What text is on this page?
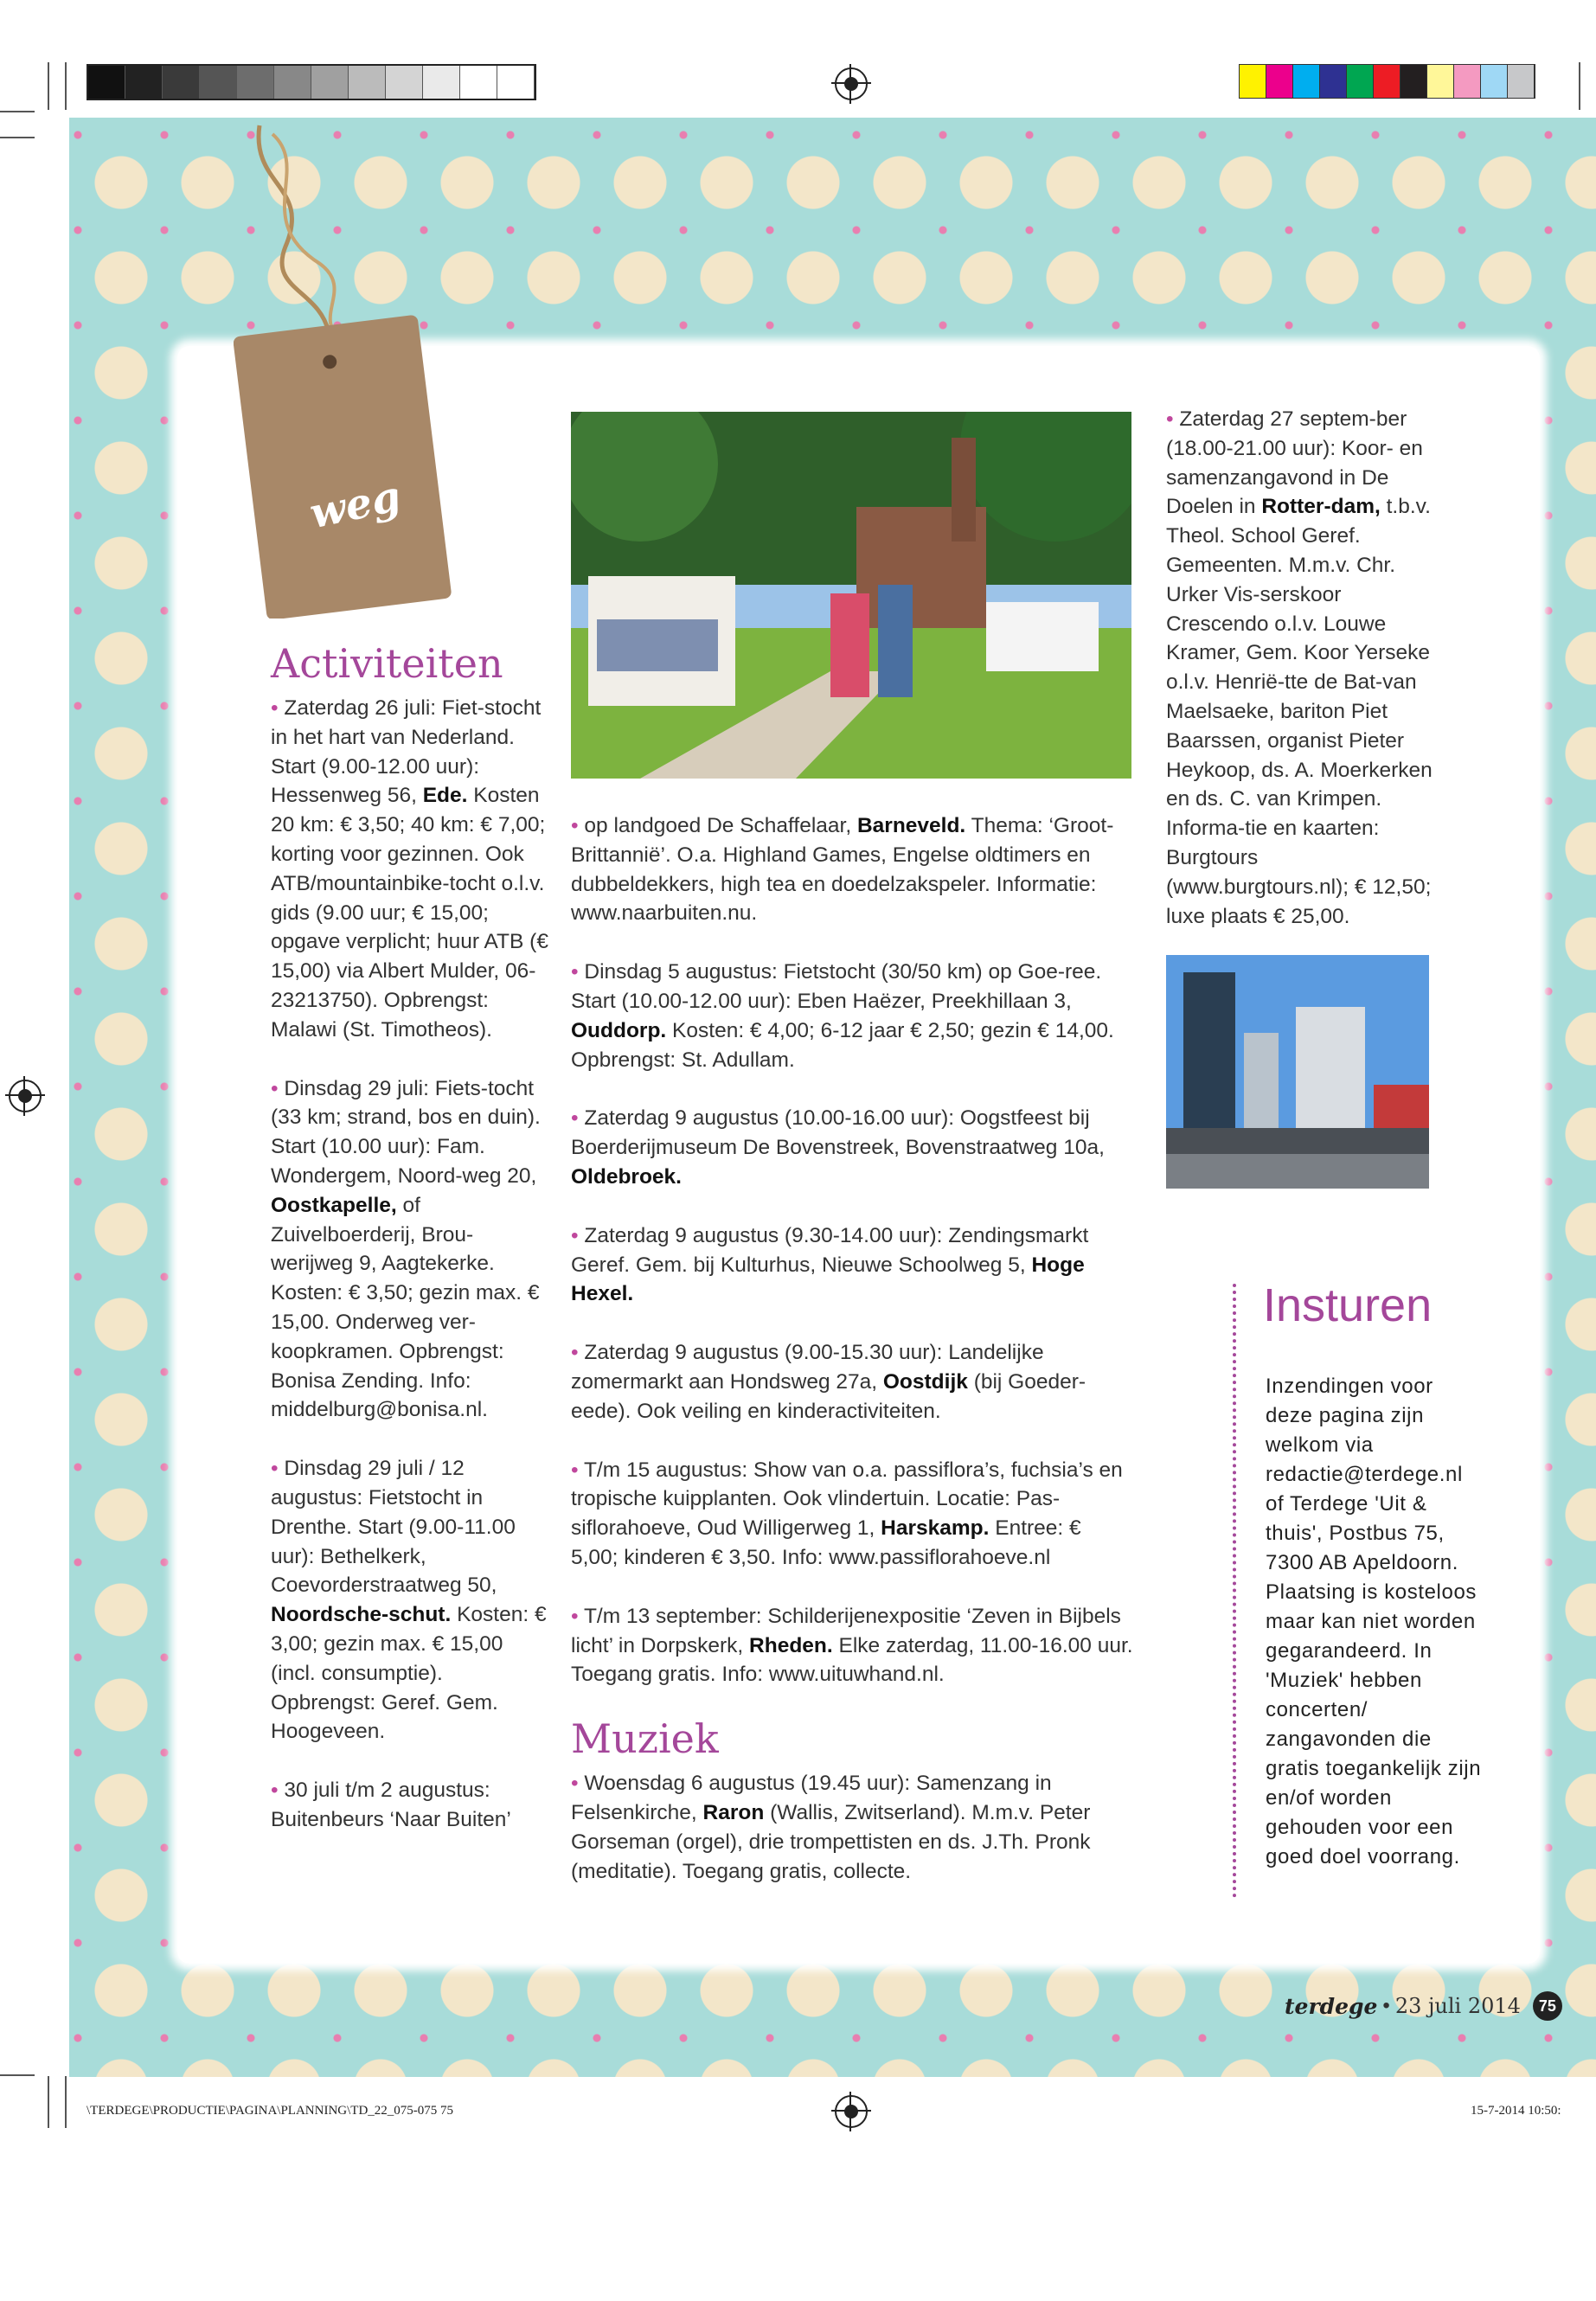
weg
Activiteiten

• Zaterdag 26 juli: Fiet-stocht in het hart van Nederland. Start (9.00-12.00 uur): Hessenweg 56, Ede. Kosten 20 km: € 3,50; 40 km: € 7,00; korting voor gezinnen. Ook ATB/mountainbike-tocht o.l.v. gids (9.00 uur; € 15,00; opgave verplicht; huur ATB (€ 15,00) via Albert Mulder, 06-23213750). Opbrengst: Malawi (St. Timotheos).

• Dinsdag 29 juli: Fiets-tocht (33 km; strand, bos en duin). Start (10.00 uur): Fam. Wondergem, Noord-weg 20, Oostkapelle, of Zuivelboerderij, Brou-werijweg 9, Aagtekerke. Kosten: € 3,50; gezin max. € 15,00. Onderweg ver-koopkramen. Opbrengst: Bonisa Zending. Info: middelburg@bonisa.nl.

• Dinsdag 29 juli / 12 augustus: Fietstocht in Drenthe. Start (9.00-11.00 uur): Bethelkerk, Coevorderstraatweg 50, Noordsche-schut. Kosten: € 3,00; gezin max. € 15,00 (incl. consumptie). Opbrengst: Geref. Gem. Hoogeveen.

• 30 juli t/m 2 augustus: Buitenbeurs ‘Naar Buiten’

• op landgoed De Schaffelaar, Barneveld. Thema: ‘Groot-Brittannië’. O.a. Highland Games, Engelse oldtimers en dubbeldekkers, high tea en doedelzakspeler. Informatie: www.naarbuiten.nu.

• Dinsdag 5 augustus: Fietstocht (30/50 km) op Goe-ree. Start (10.00-12.00 uur): Eben Haëzer, Preekhillaan 3, Ouddorp. Kosten: € 4,00; 6-12 jaar € 2,50; gezin € 14,00. Opbrengst: St. Adullam.

• Zaterdag 9 augustus (10.00-16.00 uur): Oogstfeest bij Boerderijmuseum De Bovenstreek, Bovenstraatweg 10a, Oldebroek.

• Zaterdag 9 augustus (9.30-14.00 uur): Zendingsmarkt Geref. Gem. bij Kulturhus, Nieuwe Schoolweg 5, Hoge Hexel.

• Zaterdag 9 augustus (9.00-15.30 uur): Landelijke zomermarkt aan Hondsweg 27a, Oostdijk (bij Goeder-eede). Ook veiling en kinderactiviteiten.

• T/m 15 augustus: Show van o.a. passiflora’s, fuchsia’s en tropische kuipplanten. Ook vlindertuin. Locatie: Pas-siflorahoeve, Oud Willigerweg 1, Harskamp. Entree: € 5,00; kinderen € 3,50. Info: www.passiflorahoeve.nl

• T/m 13 september: Schilderijenexpositie ‘Zeven in Bijbels licht’ in Dorpskerk, Rheden. Elke zaterdag, 11.00-16.00 uur. Toegang gratis. Info: www.uituwhand.nl.

Muziek

• Woensdag 6 augustus (19.45 uur): Samenzang in Felsenkirche, Raron (Wallis, Zwitserland). M.m.v. Peter Gorseman (orgel), drie trompettisten en ds. J.Th. Pronk (meditatie). Toegang gratis, collecte.

• Zaterdag 27 septem-ber (18.00-21.00 uur): Koor- en samenzangavond in De Doelen in Rotter-dam, t.b.v. Theol. School Geref. Gemeenten. M.m.v. Chr. Urker Vis-serskoor Crescendo o.l.v. Louwe Kramer, Gem. Koor Yerseke o.l.v. Henrië-tte de Bat-van Maelsaeke, bariton Piet Baarssen, organist Pieter Heykoop, ds. A. Moerkerken en ds. C. van Krimpen. Informa-tie en kaarten: Burgtours (www.burgtours.nl); € 12,50; luxe plaats € 25,00.

Insturen
Inzendingen voor deze pagina zijn welkom via redactie@terdege.nl of Terdege 'Uit & thuis', Postbus 75, 7300 AB Apeldoorn. Plaatsing is kosteloos maar kan niet worden gegarandeerd. In 'Muziek' hebben concerten/ zangavonden die gratis toegankelijk zijn en/of worden gehouden voor een goed doel voorrang.
terdege • 23 juli 2014	75
\TERDEGE\PRODUCTIE\PAGINA\PLANNING\TD_22_075-075 75	15-7-2014 10:50:
